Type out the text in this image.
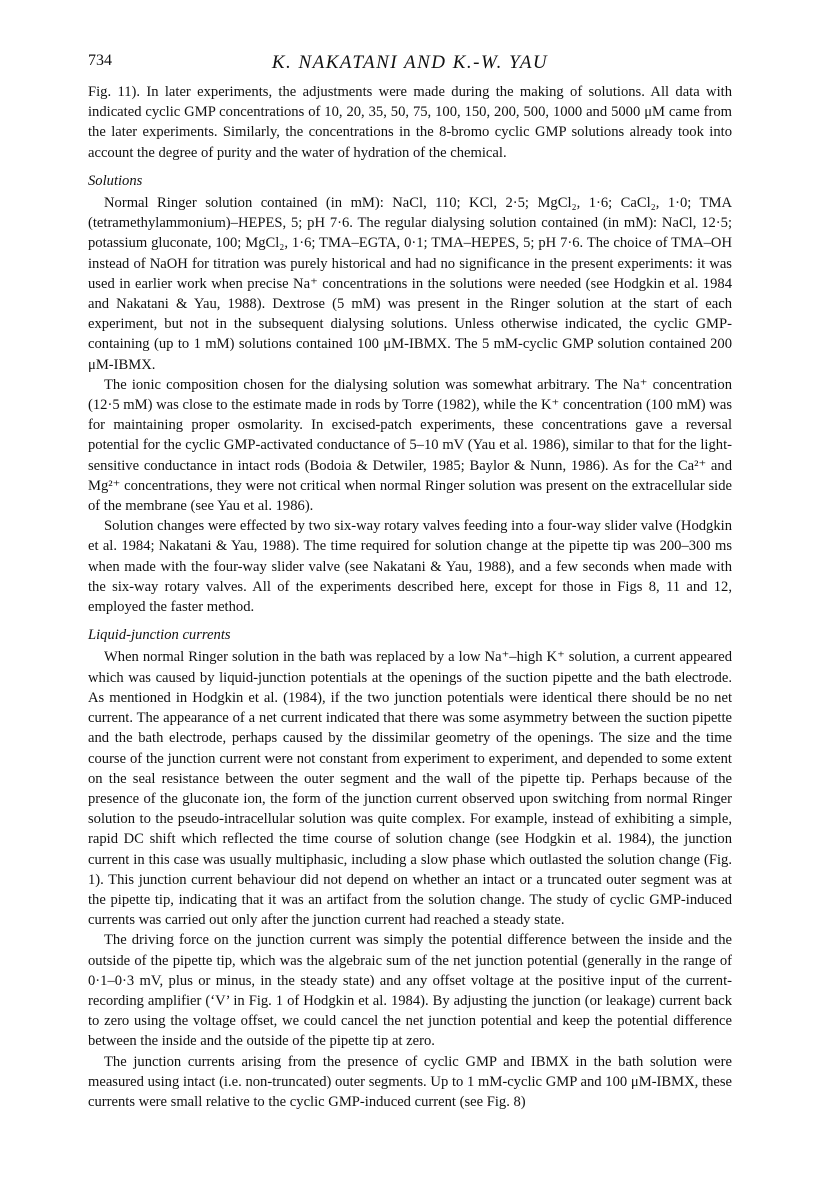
734	K. NAKATANI AND K.-W. YAU

Fig. 11). In later experiments, the adjustments were made during the making of solutions. All data with indicated cyclic GMP concentrations of 10, 20, 35, 50, 75, 100, 150, 200, 500, 1000 and 5000 μM came from the later experiments. Similarly, the concentrations in the 8-bromo cyclic GMP solutions already took into account the degree of purity and the water of hydration of the chemical.

Solutions

Normal Ringer solution contained (in mM): NaCl, 110; KCl, 2·5; MgCl₂, 1·6; CaCl₂, 1·0; TMA (tetramethylammonium)–HEPES, 5; pH 7·6. The regular dialysing solution contained (in mM): NaCl, 12·5; potassium gluconate, 100; MgCl₂, 1·6; TMA–EGTA, 0·1; TMA–HEPES, 5; pH 7·6. The choice of TMA–OH instead of NaOH for titration was purely historical and had no significance in the present experiments: it was used in earlier work when precise Na⁺ concentrations in the solutions were needed (see Hodgkin et al. 1984 and Nakatani & Yau, 1988). Dextrose (5 mM) was present in the Ringer solution at the start of each experiment, but not in the subsequent dialysing solutions. Unless otherwise indicated, the cyclic GMP-containing (up to 1 mM) solutions contained 100 μM-IBMX. The 5 mM-cyclic GMP solution contained 200 μM-IBMX.

The ionic composition chosen for the dialysing solution was somewhat arbitrary. The Na⁺ concentration (12·5 mM) was close to the estimate made in rods by Torre (1982), while the K⁺ concentration (100 mM) was for maintaining proper osmolarity. In excised-patch experiments, these concentrations gave a reversal potential for the cyclic GMP-activated conductance of 5–10 mV (Yau et al. 1986), similar to that for the light-sensitive conductance in intact rods (Bodoia & Detwiler, 1985; Baylor & Nunn, 1986). As for the Ca²⁺ and Mg²⁺ concentrations, they were not critical when normal Ringer solution was present on the extracellular side of the membrane (see Yau et al. 1986).

Solution changes were effected by two six-way rotary valves feeding into a four-way slider valve (Hodgkin et al. 1984; Nakatani & Yau, 1988). The time required for solution change at the pipette tip was 200–300 ms when made with the four-way slider valve (see Nakatani & Yau, 1988), and a few seconds when made with the six-way rotary valves. All of the experiments described here, except for those in Figs 8, 11 and 12, employed the faster method.

Liquid-junction currents

When normal Ringer solution in the bath was replaced by a low Na⁺–high K⁺ solution, a current appeared which was caused by liquid-junction potentials at the openings of the suction pipette and the bath electrode. As mentioned in Hodgkin et al. (1984), if the two junction potentials were identical there should be no net current. The appearance of a net current indicated that there was some asymmetry between the suction pipette and the bath electrode, perhaps caused by the dissimilar geometry of the openings. The size and the time course of the junction current were not constant from experiment to experiment, and depended to some extent on the seal resistance between the outer segment and the wall of the pipette tip. Perhaps because of the presence of the gluconate ion, the form of the junction current observed upon switching from normal Ringer solution to the pseudo-intracellular solution was quite complex. For example, instead of exhibiting a simple, rapid DC shift which reflected the time course of solution change (see Hodgkin et al. 1984), the junction current in this case was usually multiphasic, including a slow phase which outlasted the solution change (Fig. 1). This junction current behaviour did not depend on whether an intact or a truncated outer segment was at the pipette tip, indicating that it was an artifact from the solution change. The study of cyclic GMP-induced currents was carried out only after the junction current had reached a steady state.

The driving force on the junction current was simply the potential difference between the inside and the outside of the pipette tip, which was the algebraic sum of the net junction potential (generally in the range of 0·1–0·3 mV, plus or minus, in the steady state) and any offset voltage at the positive input of the current-recording amplifier (‘V’ in Fig. 1 of Hodgkin et al. 1984). By adjusting the junction (or leakage) current back to zero using the voltage offset, we could cancel the net junction potential and keep the potential difference between the inside and the outside of the pipette tip at zero.

The junction currents arising from the presence of cyclic GMP and IBMX in the bath solution were measured using intact (i.e. non-truncated) outer segments. Up to 1 mM-cyclic GMP and 100 μM-IBMX, these currents were small relative to the cyclic GMP-induced current (see Fig. 8)
